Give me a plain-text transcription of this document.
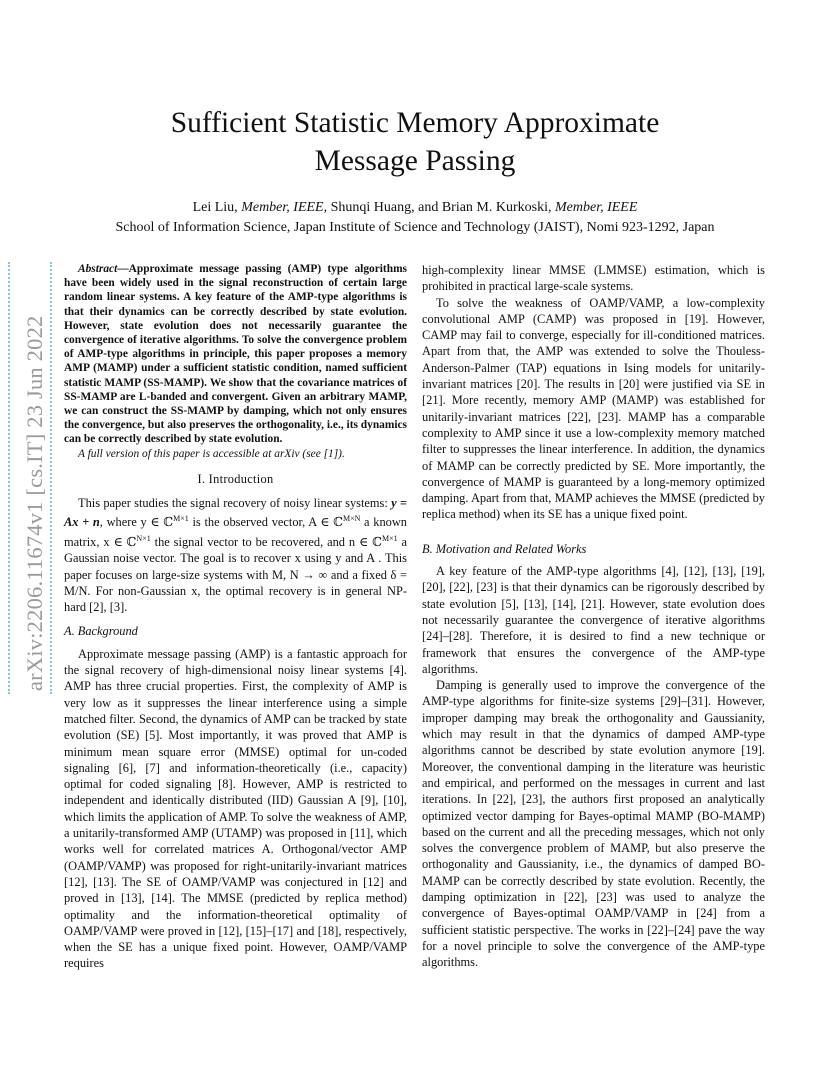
arXiv:2206.11674v1 [cs.IT] 23 Jun 2022
Sufficient Statistic Memory Approximate
Message Passing
Lei Liu, Member, IEEE, Shunqi Huang, and Brian M. Kurkoski, Member, IEEE
School of Information Science, Japan Institute of Science and Technology (JAIST), Nomi 923-1292, Japan

Abstract—Approximate message passing (AMP) type algorithms have been widely used in the signal reconstruction of certain large random linear systems. A key feature of the AMP-type algorithms is that their dynamics can be correctly described by state evolution. However, state evolution does not necessarily guarantee the convergence of iterative algorithms. To solve the convergence problem of AMP-type algorithms in principle, this paper proposes a memory AMP (MAMP) under a sufficient statistic condition, named sufficient statistic MAMP (SS-MAMP). We show that the covariance matrices of SS-MAMP are L-banded and convergent. Given an arbitrary MAMP, we can construct the SS-MAMP by damping, which not only ensures the convergence, but also preserves the orthogonality, i.e., its dynamics can be correctly described by state evolution.

A full version of this paper is accessible at arXiv (see [1]).

I. Introduction

This paper studies the signal recovery of noisy linear systems: y = Ax + n, where y ∈ ℂ$^{M\times 1}$ is the observed vector, A ∈ ℂ$^{M\times N}$ a known matrix, x ∈ ℂ$^{N\times 1}$ the signal vector to be recovered, and n ∈ ℂ$^{M\times 1}$ a Gaussian noise vector. The goal is to recover x using y and A . This paper focuses on large-size systems with M, N → ∞ and a fixed δ = M/N. For non-Gaussian x, the optimal recovery is in general NP-hard [2], [3].

A. Background

Approximate message passing (AMP) is a fantastic approach for the signal recovery of high-dimensional noisy linear systems [4]. AMP has three crucial properties. First, the complexity of AMP is very low as it suppresses the linear interference using a simple matched filter. Second, the dynamics of AMP can be tracked by state evolution (SE) [5]. Most importantly, it was proved that AMP is minimum mean square error (MMSE) optimal for un-coded signaling [6], [7] and information-theoretically (i.e., capacity) optimal for coded signaling [8]. However, AMP is restricted to independent and identically distributed (IID) Gaussian A [9], [10], which limits the application of AMP. To solve the weakness of AMP, a unitarily-transformed AMP (UTAMP) was proposed in [11], which works well for correlated matrices A. Orthogonal/vector AMP (OAMP/VAMP) was proposed for right-unitarily-invariant matrices [12], [13]. The SE of OAMP/VAMP was conjectured in [12] and proved in [13], [14]. The MMSE (predicted by replica method) optimality and the information-theoretical optimality of OAMP/VAMP were proved in [12], [15]–[17] and [18], respectively, when the SE has a unique fixed point. However, OAMP/VAMP requires

high-complexity linear MMSE (LMMSE) estimation, which is prohibited in practical large-scale systems.

To solve the weakness of OAMP/VAMP, a low-complexity convolutional AMP (CAMP) was proposed in [19]. However, CAMP may fail to converge, especially for ill-conditioned matrices. Apart from that, the AMP was extended to solve the Thouless-Anderson-Palmer (TAP) equations in Ising models for unitarily-invariant matrices [20]. The results in [20] were justified via SE in [21]. More recently, memory AMP (MAMP) was established for unitarily-invariant matrices [22], [23]. MAMP has a comparable complexity to AMP since it use a low-complexity memory matched filter to suppresses the linear interference. In addition, the dynamics of MAMP can be correctly predicted by SE. More importantly, the convergence of MAMP is guaranteed by a long-memory optimized damping. Apart from that, MAMP achieves the MMSE (predicted by replica method) when its SE has a unique fixed point.

B. Motivation and Related Works

A key feature of the AMP-type algorithms [4], [12], [13], [19], [20], [22], [23] is that their dynamics can be rigorously described by state evolution [5], [13], [14], [21]. However, state evolution does not necessarily guarantee the convergence of iterative algorithms [24]–[28]. Therefore, it is desired to find a new technique or framework that ensures the convergence of the AMP-type algorithms.

Damping is generally used to improve the convergence of the AMP-type algorithms for finite-size systems [29]–[31]. However, improper damping may break the orthogonality and Gaussianity, which may result in that the dynamics of damped AMP-type algorithms cannot be described by state evolution anymore [19]. Moreover, the conventional damping in the literature was heuristic and empirical, and performed on the messages in current and last iterations. In [22], [23], the authors first proposed an analytically optimized vector damping for Bayes-optimal MAMP (BO-MAMP) based on the current and all the preceding messages, which not only solves the convergence problem of MAMP, but also preserve the orthogonality and Gaussianity, i.e., the dynamics of damped BO-MAMP can be correctly described by state evolution. Recently, the damping optimization in [22], [23] was used to analyze the convergence of Bayes-optimal OAMP/VAMP in [24] from a sufficient statistic perspective. The works in [22]–[24] pave the way for a novel principle to solve the convergence of the AMP-type algorithms.
